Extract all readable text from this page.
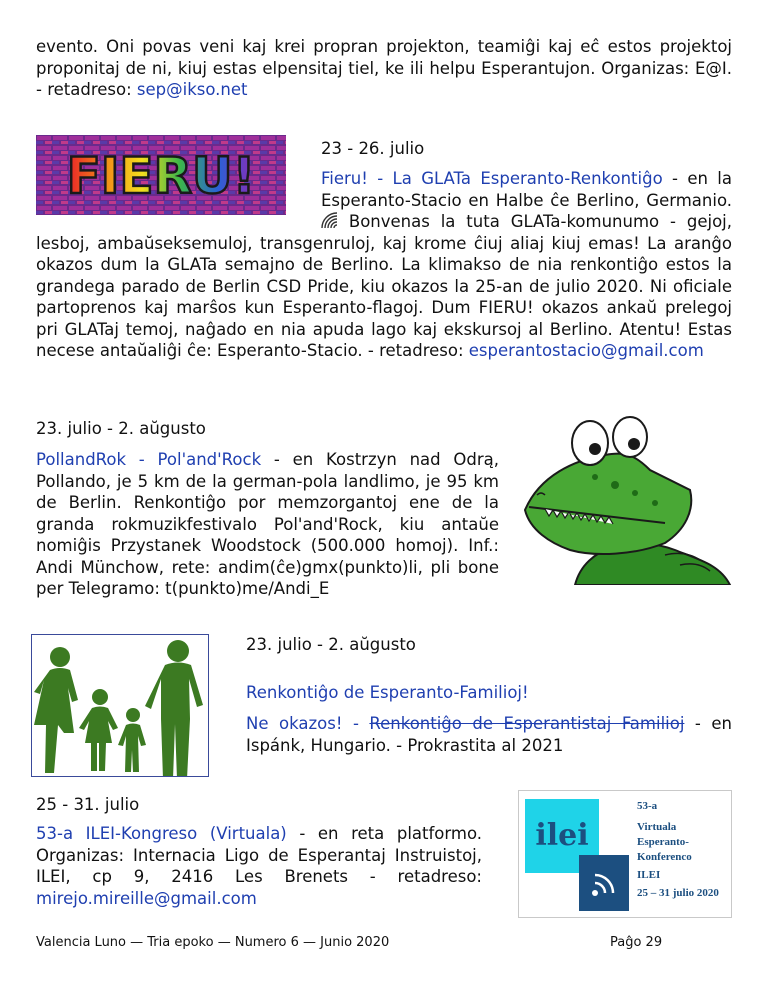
evento. Oni povas veni kaj krei propran projekton, teamiĝi kaj eĉ estos projektoj proponitaj de ni, kiuj estas elpensitaj tiel, ke ili helpu Esperantujon. Organizas: E@I. - retadreso: sep@ikso.net
FIERU!	23 - 26. julio
Fieru! - La GLATa Esperanto-Renkontiĝo - en la Esperanto-Stacio en Halbe ĉe Berlino, Germanio.  Bonvenas la tuta GLATa-komunumo - gejoj, lesboj, ambaŭseksemuloj, transgenruloj, kaj krome ĉiuj aliaj kiuj emas! La aranĝo okazos dum la GLATa semajno de Berlino. La klimakso de nia renkontiĝo estos la grandega parado de Berlin CSD Pride, kiu okazos la 25-an de julio 2020. Ni oficiale partoprenos kaj marŝos kun Esperanto-flagoj. Dum FIERU! okazos ankaŭ prelegoj pri GLATaj temoj, naĝado en nia apuda lago kaj ekskursoj al Berlino. Atentu! Estas necese antaŭaliĝi ĉe: Esperanto-Stacio. - retadreso: esperantostacio@gmail.com
23. julio - 2. aŭgusto
PollandRok - Pol'and'Rock - en Kostrzyn nad Odrą, Pollando, je 5 km de la german-pola landlimo, je 95 km de Berlin. Renkontiĝo por memzorgantoj ene de la granda rokmuzikfestivalo Pol'and'Rock, kiu antaŭe nomiĝis Przystanek Woodstock (500.000 homoj). Inf.: Andi Münchow, rete: andim(ĉe)gmx(punkto)li, pli bone per Telegramo: t(punkto)me/Andi_E
23. julio - 2. aŭgusto
Renkontiĝo de Esperanto-Familioj!
Ne okazos! - Renkontiĝo de Esperantistaj Familioj - en Ispánk, Hungario. - Prokrastita al 2021
25 - 31. julio
53-a ILEI-Kongreso (Virtuala) - en reta platformo. Organizas: Internacia Ligo de Esperantaj Instruistoj, ILEI, cp 9, 2416 Les Brenets - retadreso: mirejo.mireille@gmail.com
ilei
53-a
Virtuala
Esperanto-
Konferenco
ILEI
25 – 31 julio 2020
Valencia Luno — Tria epoko — Numero 6 — Junio 2020	Paĝo 29
